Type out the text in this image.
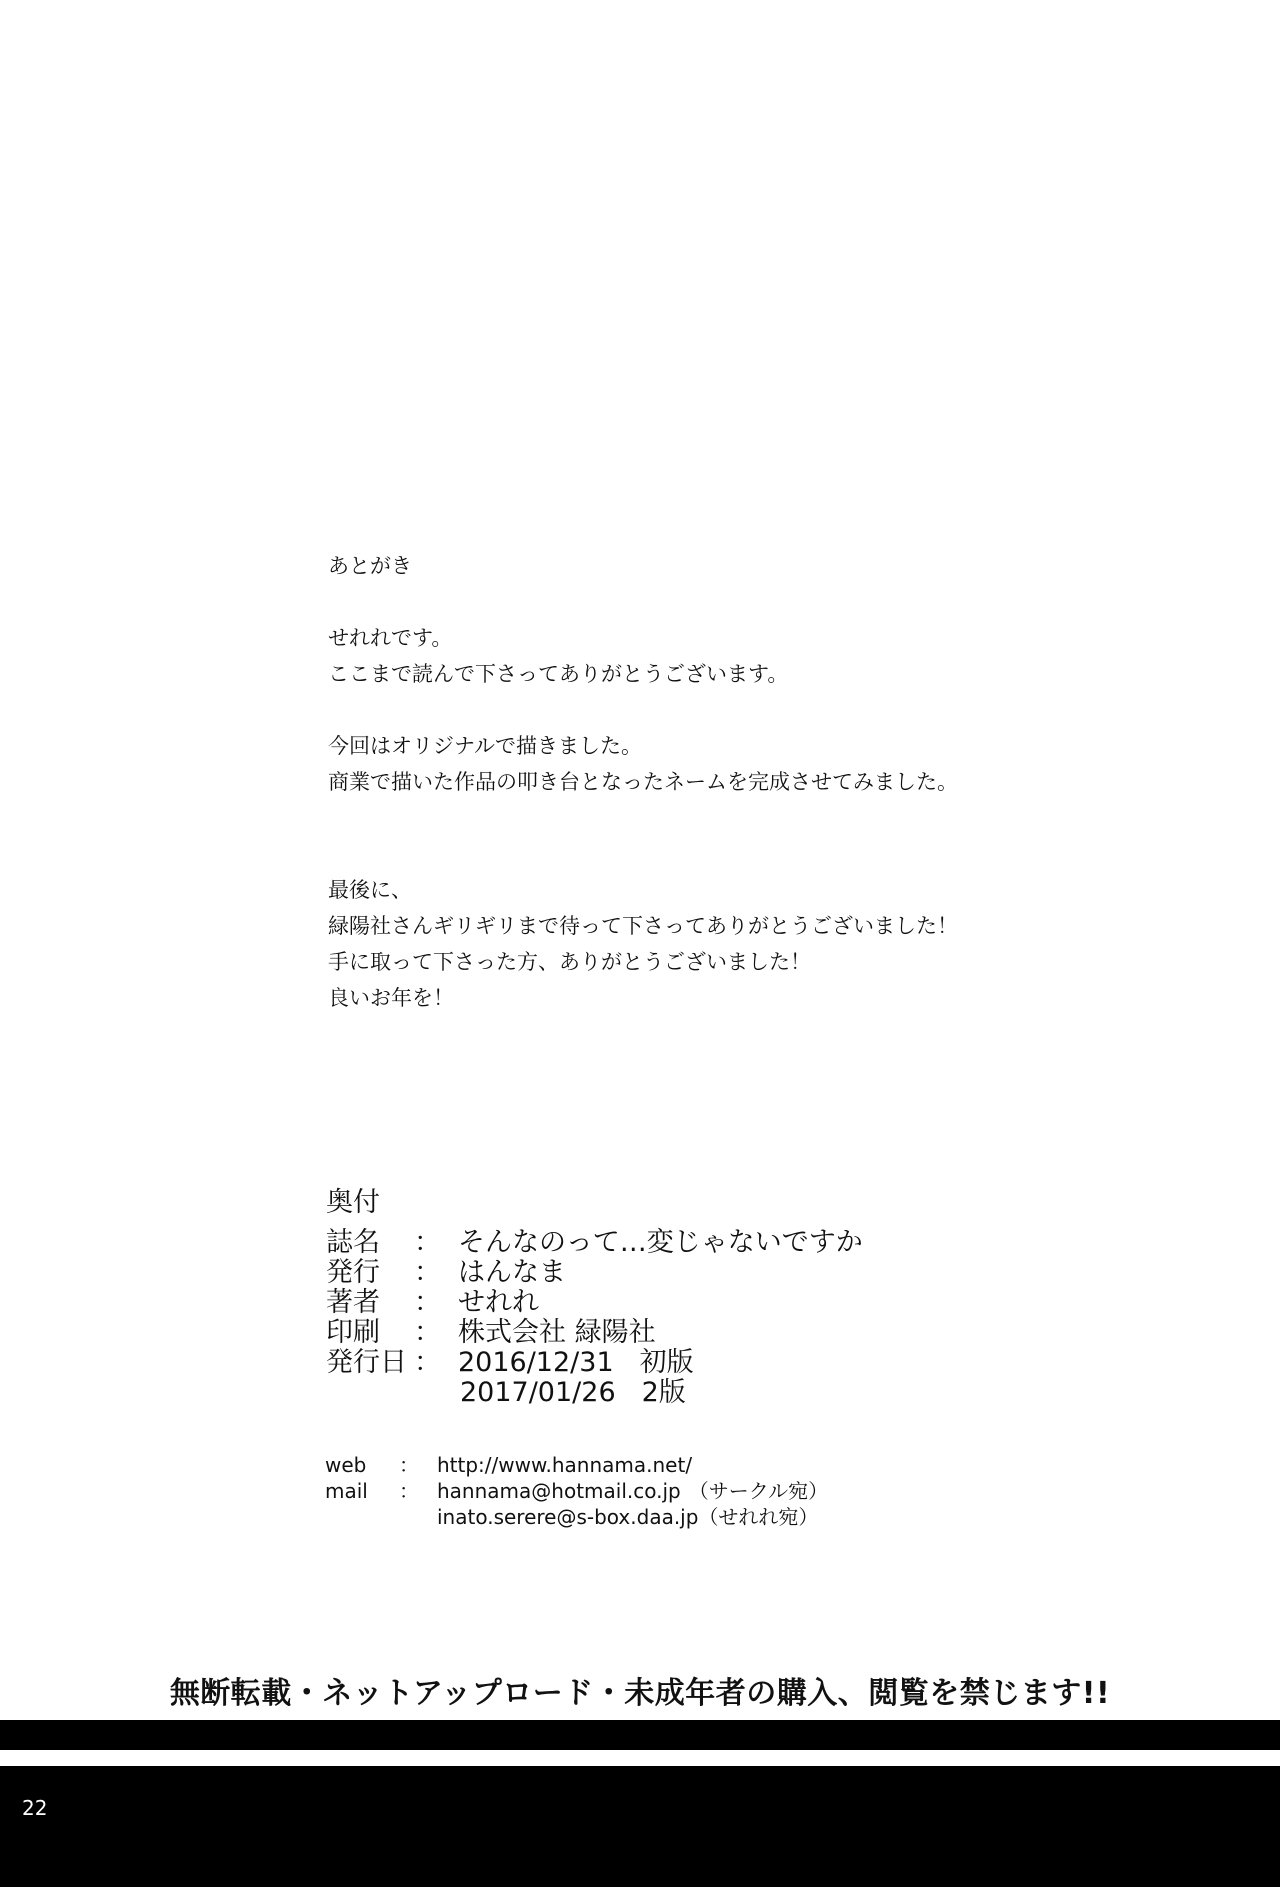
あとがき
せれれです。
ここまで読んで下さってありがとうございます。
今回はオリジナルで描きました。
商業で描いた作品の叩き台となったネームを完成させてみました。
最後に、
緑陽社さんギリギリまで待って下さってありがとうございました！
手に取って下さった方、ありがとうございました！
良いお年を！
奥付
誌名	： そんなのって…変じゃないですか
発行	： はんなま
著者	： せれれ
印刷	： 株式会社 緑陽社
発行日 ： 2016/12/31 初版
2017/01/26 2版
web	： http://www.hannama.net/
mail	： hannama@hotmail.co.jp （サークル宛）
inato.serere@s-box.daa.jp （せれれ宛）
無断転載・ネットアップロード・未成年者の購入、閲覧を禁じます!!
22
